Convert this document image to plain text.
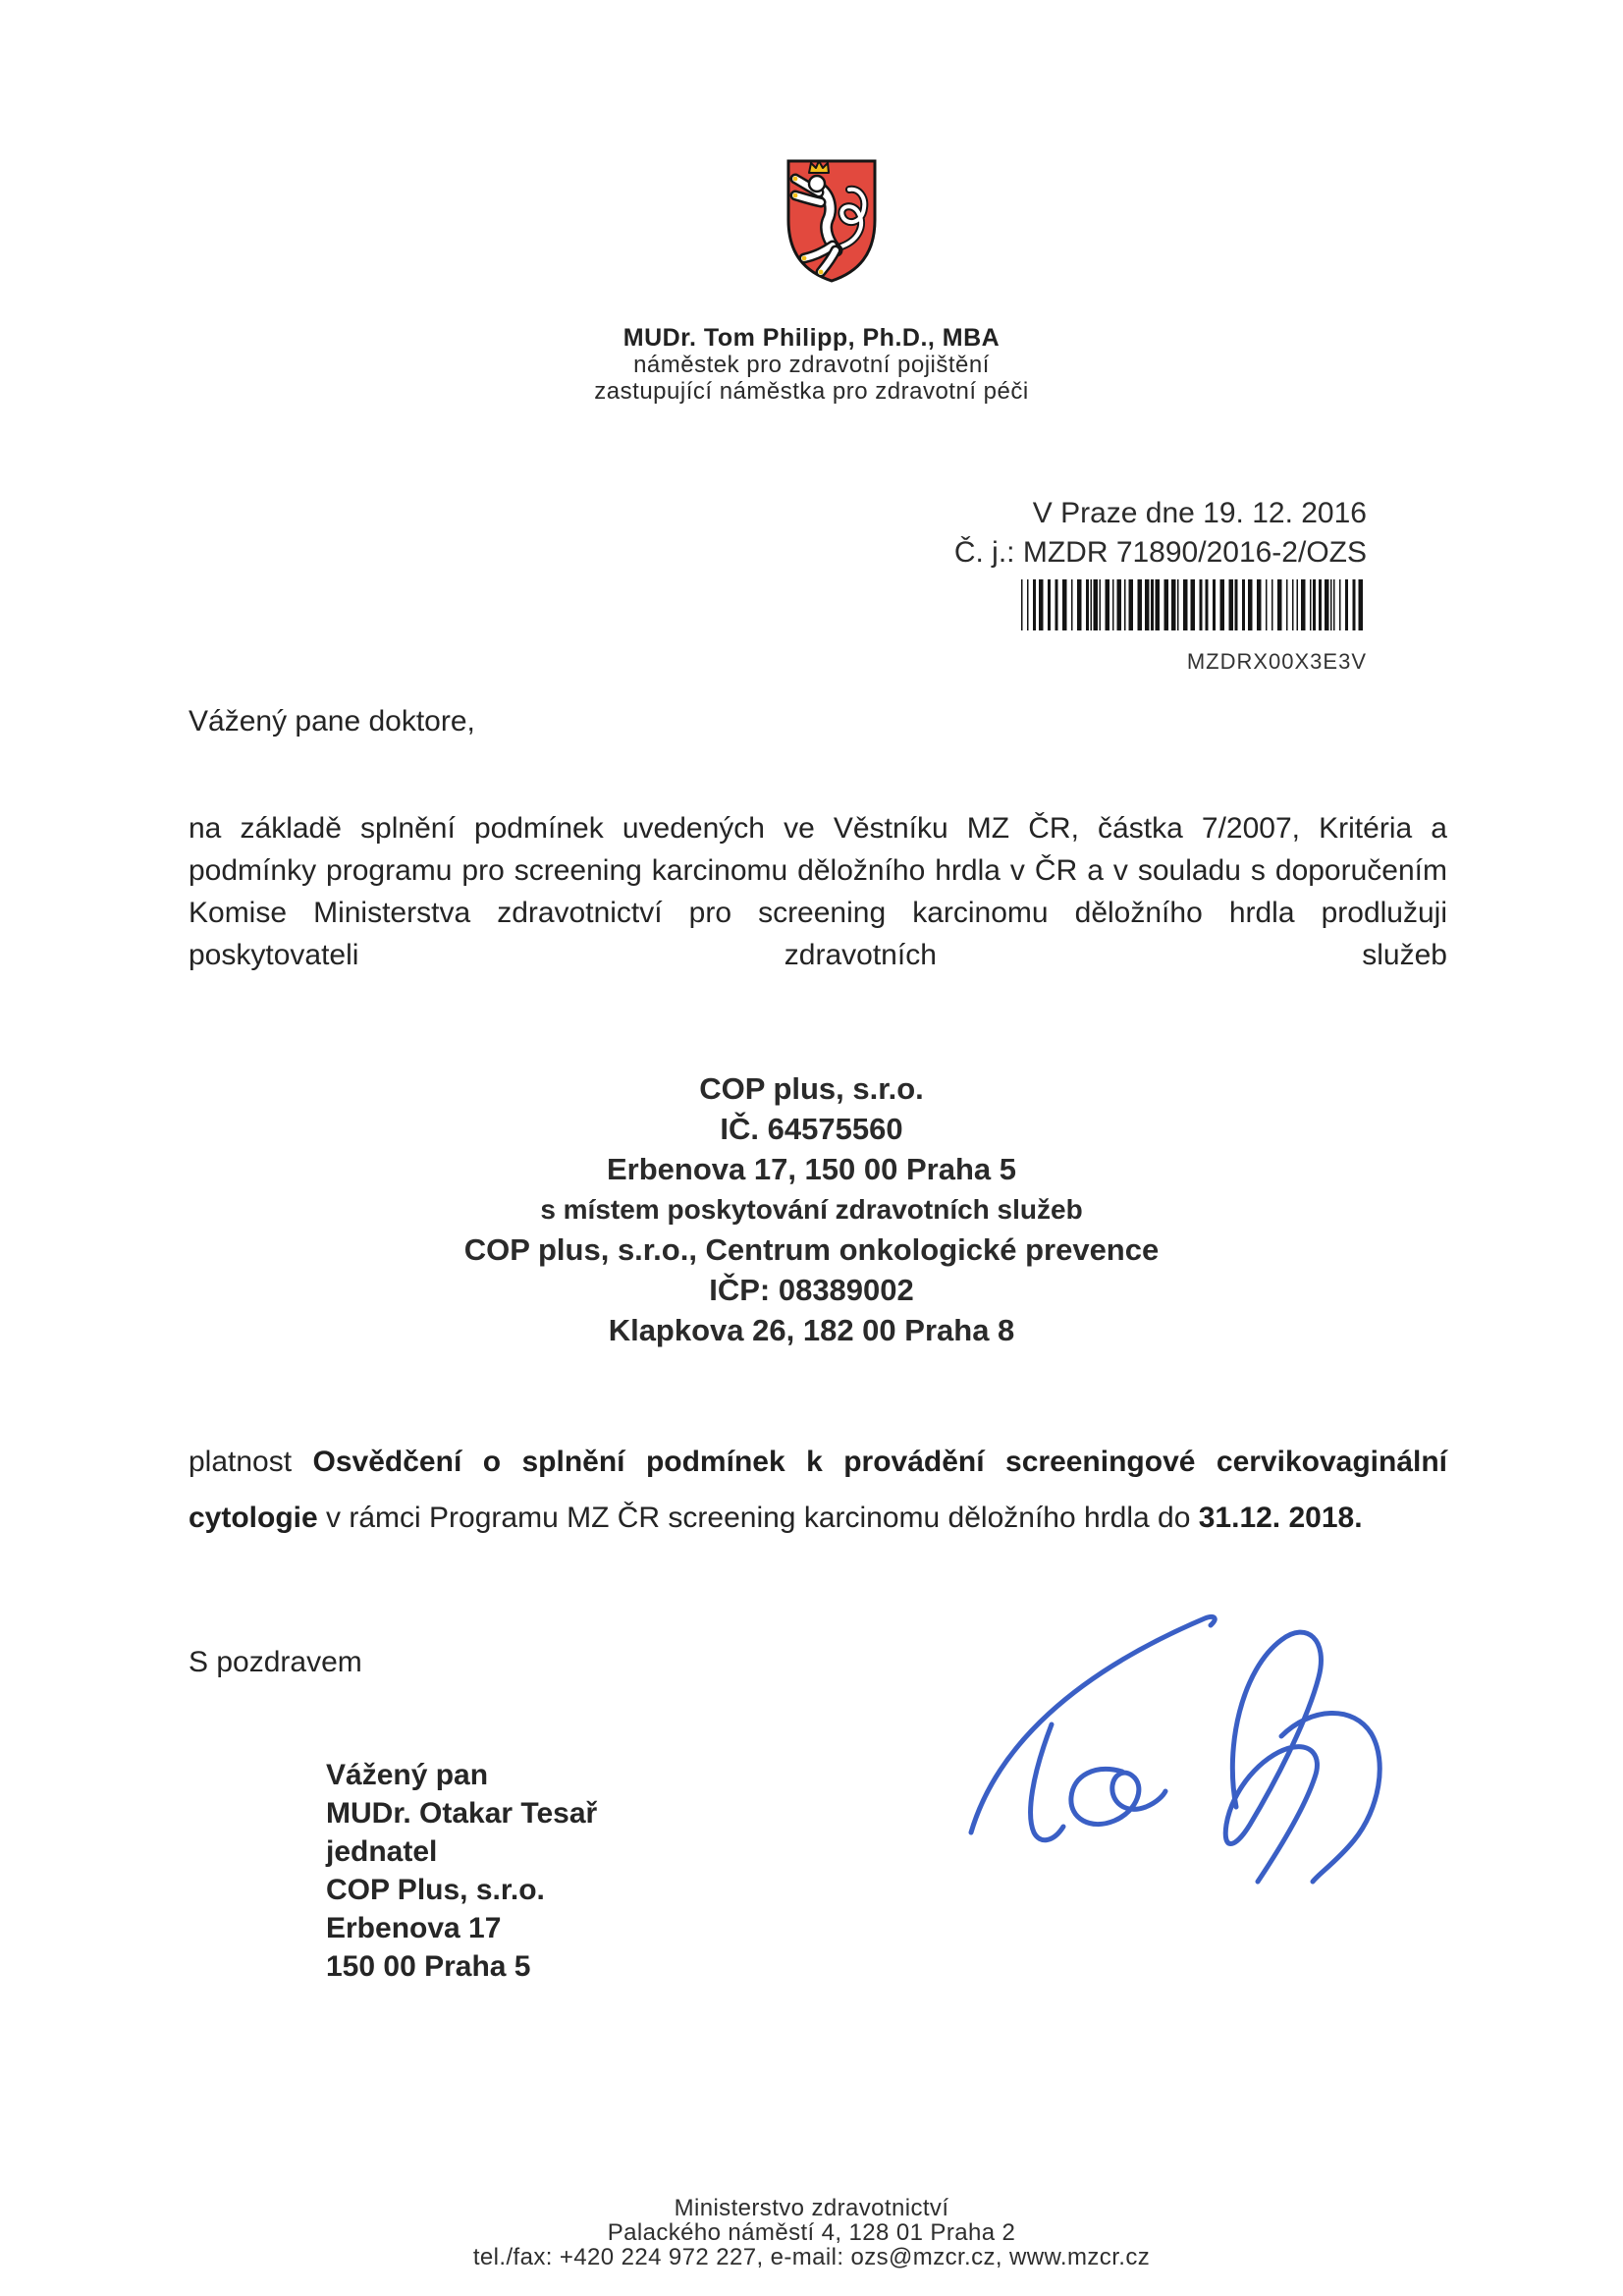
MUDr. Tom Philipp, Ph.D., MBA
náměstek pro zdravotní pojištění
zastupující náměstka pro zdravotní péči
V Praze dne 19. 12. 2016
Č. j.: MZDR 71890/2016-2/OZS
MZDRX00X3E3V
Vážený pane doktore,
na základě splnění podmínek uvedených ve Věstníku MZ ČR, částka 7/2007, Kritéria a podmínky programu pro screening karcinomu děložního hrdla v ČR a v souladu s doporučením Komise Ministerstva zdravotnictví pro screening karcinomu děložního hrdla prodlužuji poskytovateli zdravotních služeb
COP plus, s.r.o.
IČ. 64575560
Erbenova 17, 150 00 Praha 5
s místem poskytování zdravotních služeb
COP plus, s.r.o., Centrum onkologické prevence
IČP: 08389002
Klapkova 26, 182 00 Praha 8
platnost Osvědčení o splnění podmínek k provádění screeningové cervikovaginální cytologie v rámci Programu MZ ČR screening karcinomu děložního hrdla do 31.12. 2018.
S pozdravem
Vážený pan
MUDr. Otakar Tesař
jednatel
COP Plus, s.r.o.
Erbenova 17
150 00 Praha 5
Ministerstvo zdravotnictví
Palackého náměstí 4, 128 01 Praha 2
tel./fax: +420 224 972 227, e-mail: ozs@mzcr.cz, www.mzcr.cz
